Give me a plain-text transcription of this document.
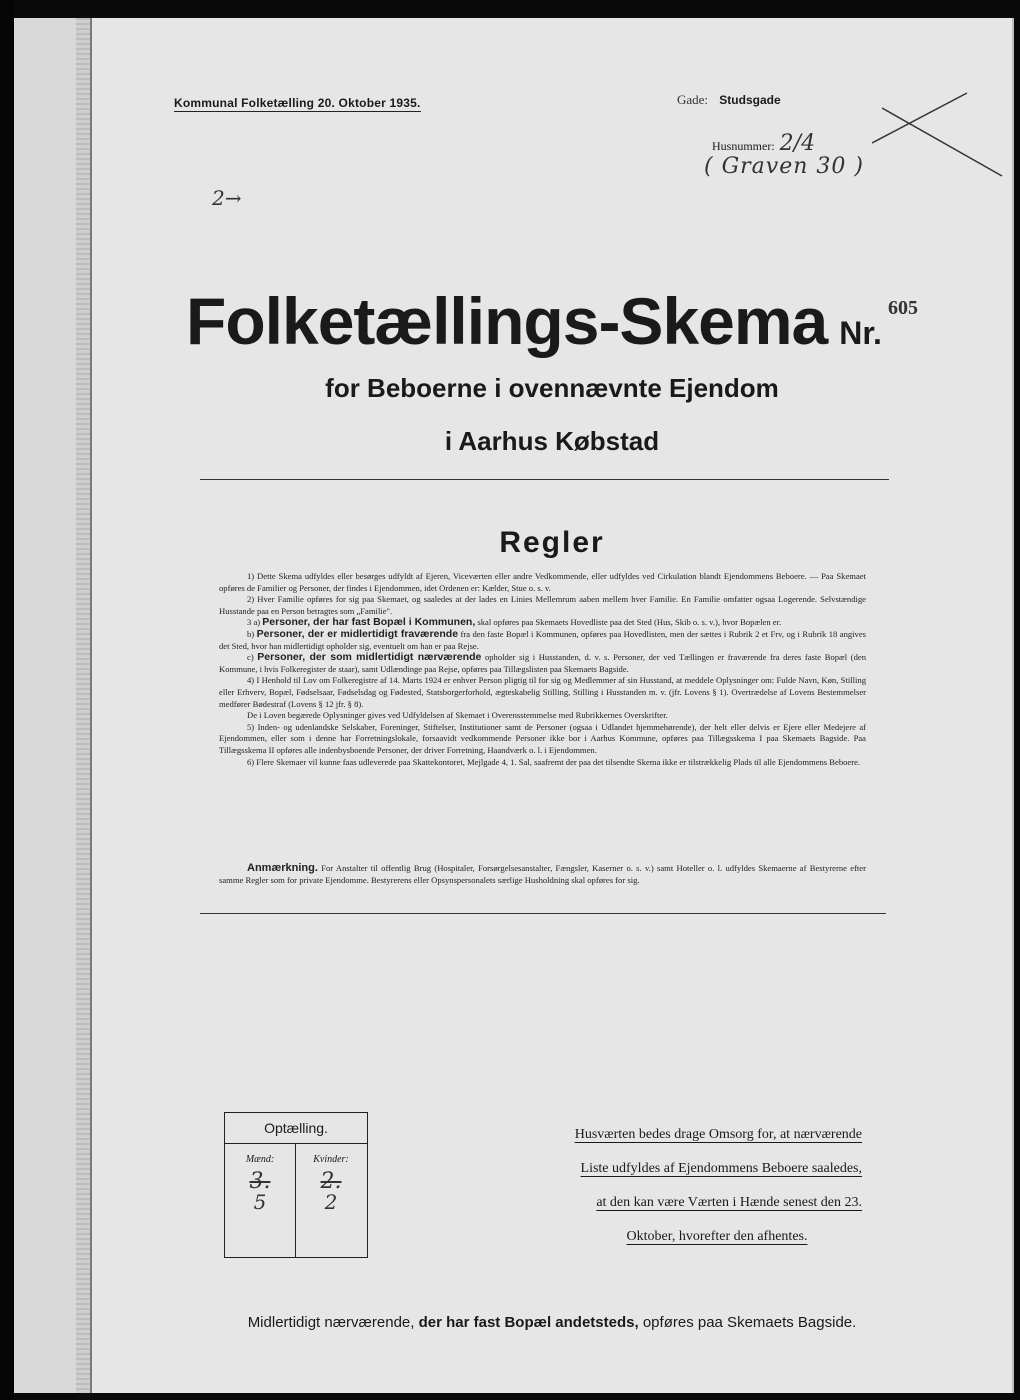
Kommunal Folketælling 20. Oktober 1935.	Gade: Studsgade
Husnummer: 2/4
( Graven 30 )
2→
Folketællings-Skema Nr.605
for Beboerne i ovennævnte Ejendom
i Aarhus Købstad
Regler

1) Dette Skema udfyldes eller besørges udfyldt af Ejeren, Viceværten eller andre Vedkommende, eller udfyldes ved Cirkulation blandt Ejendommens Beboere. — Paa Skemaet opføres de Familier og Personer, der findes i Ejendommen, idet Ordenen er: Kælder, Stue o. s. v.

2) Hver Familie opføres for sig paa Skemaet, og saaledes at der lades en Linies Mellemrum aaben mellem hver Familie. En Familie omfatter ogsaa Logerende. Selvstændige Husstande paa en Person betragtes som „Familie".

3 a) Personer, der har fast Bopæl i Kommunen, skal opføres paa Skemaets Hovedliste paa det Sted (Hus, Skib o. s. v.), hvor Bopælen er.

b) Personer, der er midlertidigt fraværende fra den faste Bopæl i Kommunen, opføres paa Hovedlisten, men der sættes i Rubrik 2 et Frv, og i Rubrik 18 angives det Sted, hvor han midlertidigt opholder sig, eventuelt om han er paa Rejse.

c) Personer, der som midlertidigt nærværende opholder sig i Husstanden, d. v. s. Personer, der ved Tællingen er fraværende fra deres faste Bopæl (den Kommune, i hvis Folkeregister de staar), samt Udlændinge paa Rejse, opføres paa Tillægslisten paa Skemaets Bagside.

4) I Henhold til Lov om Folkeregistre af 14. Marts 1924 er enhver Person pligtig til for sig og Medlemmer af sin Husstand, at meddele Oplysninger om: Fulde Navn, Køn, Stilling eller Erhverv, Bopæl, Fødselsaar, Fødselsdag og Fødested, Statsborgerforhold, ægteskabelig Stilling, Stilling i Husstanden m. v. (jfr. Lovens § 1). Overtrædelse af Lovens Bestemmelser medfører Bødestraf (Lovens § 12 jfr. § 8).

De i Loven begærede Oplysninger gives ved Udfyldelsen af Skemaet i Overensstemmelse med Rubrikkernes Overskrifter.

5) Inden- og udenlandske Selskaber, Foreninger, Stiftelser, Institutioner samt de Personer (ogsaa i Udlandet hjemmehørende), der helt eller delvis er Ejere eller Medejere af Ejendommen, eller som i denne har Forretningslokale, forsaavidt vedkommende Personer ikke bor i Aarhus Kommune, opføres paa Tillægsskema I paa Skemaets Bagside. Paa Tillægsskema II opføres alle indenbysboende Personer, der driver Forretning, Haandværk o. l. i Ejendommen.

6) Flere Skemaer vil kunne faas udleverede paa Skattekontoret, Mejlgade 4, 1. Sal, saafremt der paa det tilsendte Skema ikke er tilstrækkelig Plads til alle Ejendommens Beboere.

Anmærkning. For Anstalter til offentlig Brug (Hospitaler, Forsørgelsesanstalter, Fængsler, Kaserner o. s. v.) samt Hoteller o. l. udfyldes Skemaerne af Bestyrerne efter samme Regler som for private Ejendomme. Bestyrerens eller Opsynspersonalets særlige Husholdning skal opføres for sig.
Optælling.
Mænd:
3.
5
Kvinder:
2.
2
Husværten bedes drage Omsorg for, at nærværende
Liste udfyldes af Ejendommens Beboere saaledes,
at den kan være Værten i Hænde senest den 23.
Oktober, hvorefter den afhentes.
Midlertidigt nærværende, der har fast Bopæl andetsteds, opføres paa Skemaets Bagside.
